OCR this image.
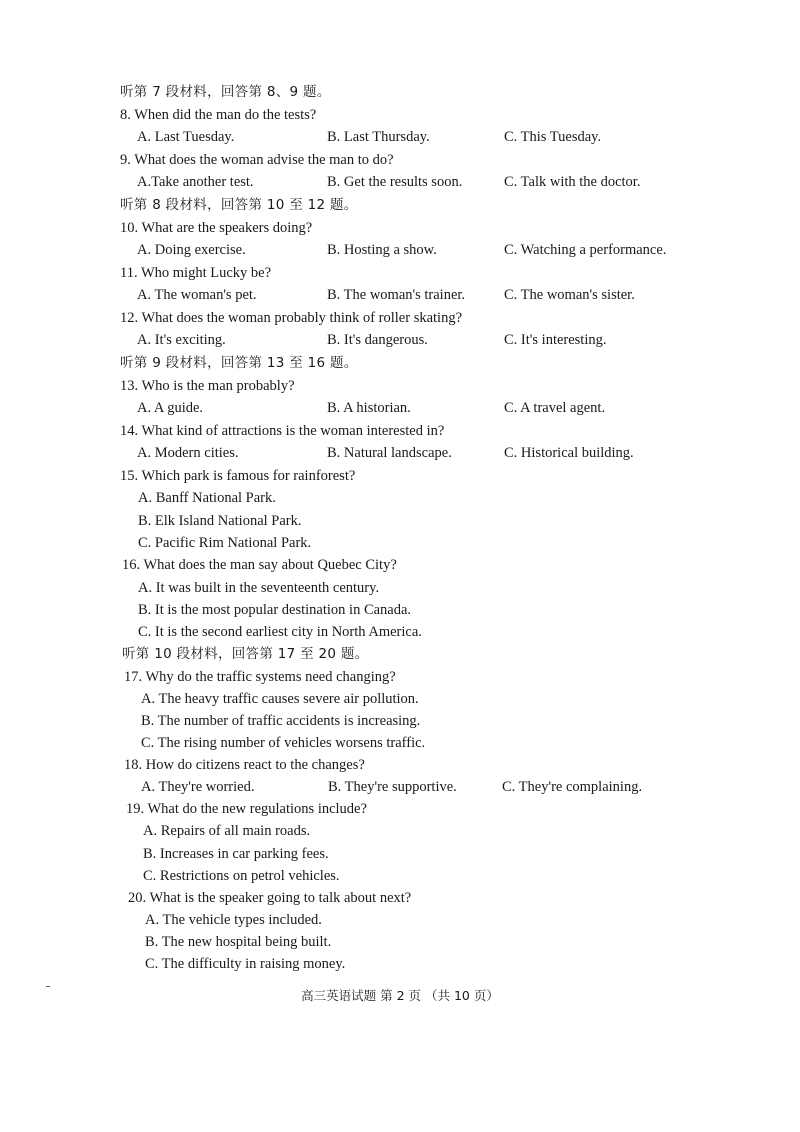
听第 7 段材料，回答第 8、9 题。
8. When did the man do the tests?
A. Last Tuesday.	B. Last Thursday.	C. This Tuesday.
9. What does the woman advise the man to do?
A.Take another test.	B. Get the results soon.	C. Talk with the doctor.
听第 8 段材料，回答第 10 至 12 题。
10. What are the speakers doing?
A. Doing exercise.	B. Hosting a show.	C. Watching a performance.
11. Who might Lucky be?
A. The woman's pet.	B. The woman's trainer.	C. The woman's sister.
12. What does the woman probably think of roller skating?
A. It's exciting.	B. It's dangerous.	C. It's interesting.
听第 9 段材料，回答第 13 至 16 题。
13. Who is the man probably?
A. A guide.	B. A historian.	C. A travel agent.
14. What kind of attractions is the woman interested in?
A. Modern cities.	B. Natural landscape.	C. Historical building.
15. Which park is famous for rainforest?
A. Banff National Park.
B. Elk Island National Park.
C. Pacific Rim National Park.
16. What does the man say about Quebec City?
A. It was built in the seventeenth century.
B. It is the most popular destination in Canada.
C. It is the second earliest city in North America.
听第 10 段材料，回答第 17 至 20 题。
17. Why do the traffic systems need changing?
A. The heavy traffic causes severe air pollution.
B. The number of traffic accidents is increasing.
C. The rising number of vehicles worsens traffic.
18. How do citizens react to the changes?
A. They're worried.	B. They're supportive.	C. They're complaining.
19. What do the new regulations include?
A. Repairs of all main roads.
B. Increases in car parking fees.
C. Restrictions on petrol vehicles.
20. What is the speaker going to talk about next?
A. The vehicle types included.
B. The new hospital being built.
C. The difficulty in raising money.
高三英语试题 第 2 页 （共 10 页）
